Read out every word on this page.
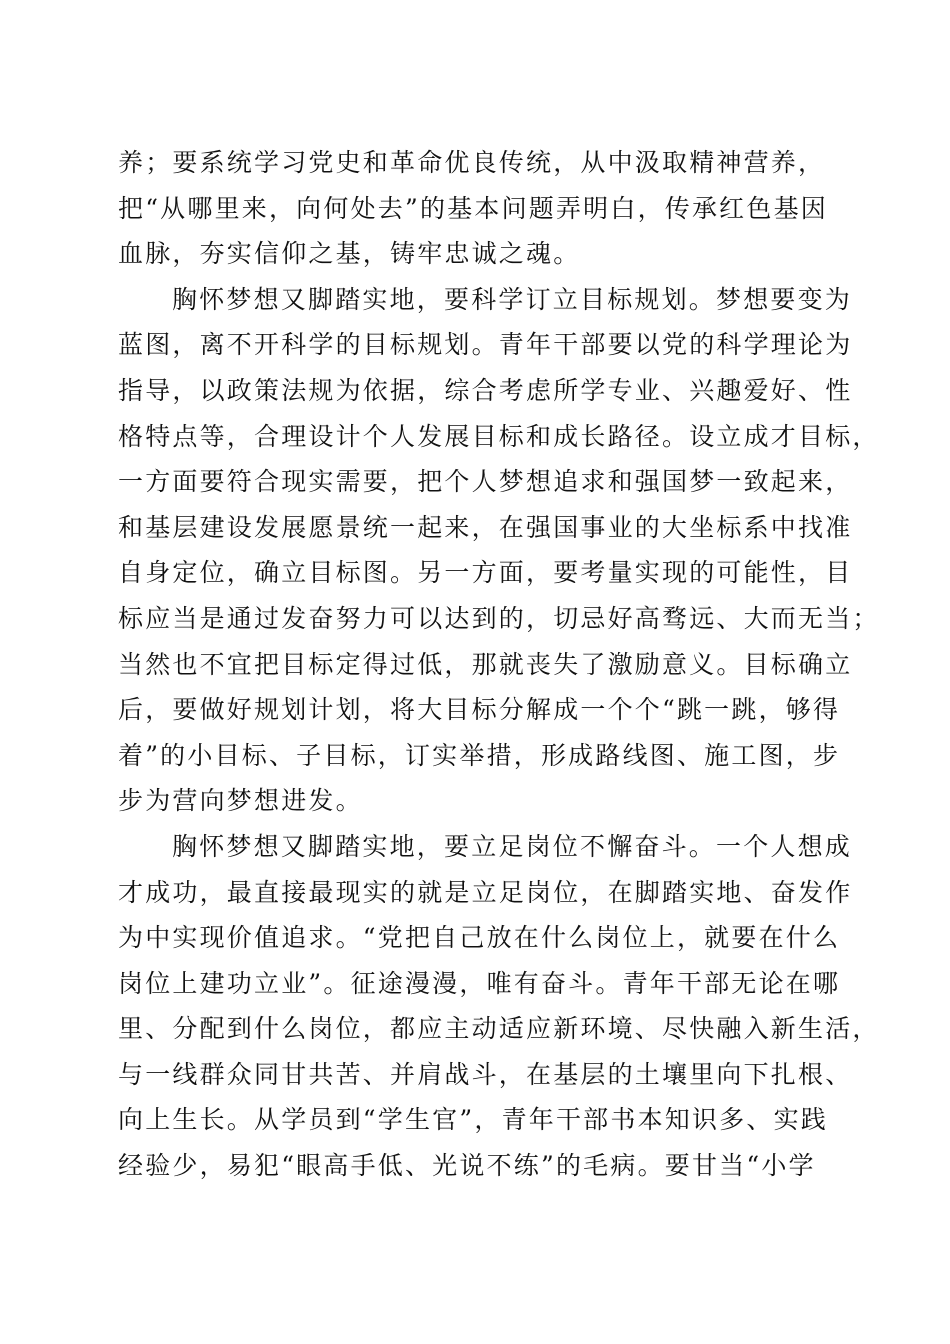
养；要系统学习党史和革命优良传统，从中汲取精神营养，
把“从哪里来，向何处去”的基本问题弄明白，传承红色基因
血脉，夯实信仰之基，铸牢忠诚之魂。
胸怀梦想又脚踏实地，要科学订立目标规划。梦想要变为
蓝图，离不开科学的目标规划。青年干部要以党的科学理论为
指导，以政策法规为依据，综合考虑所学专业、兴趣爱好、性
格特点等，合理设计个人发展目标和成长路径。设立成才目标，
一方面要符合现实需要，把个人梦想追求和强国梦一致起来，
和基层建设发展愿景统一起来，在强国事业的大坐标系中找准
自身定位，确立目标图。另一方面，要考量实现的可能性，目
标应当是通过发奋努力可以达到的，切忌好高骛远、大而无当；
当然也不宜把目标定得过低，那就丧失了激励意义。目标确立
后，要做好规划计划，将大目标分解成一个个“跳一跳，够得
着”的小目标、子目标，订实举措，形成路线图、施工图，步
步为营向梦想进发。
胸怀梦想又脚踏实地，要立足岗位不懈奋斗。一个人想成
才成功，最直接最现实的就是立足岗位，在脚踏实地、奋发作
为中实现价值追求。“党把自己放在什么岗位上，就要在什么
岗位上建功立业”。征途漫漫，唯有奋斗。青年干部无论在哪
里、分配到什么岗位，都应主动适应新环境、尽快融入新生活，
与一线群众同甘共苦、并肩战斗，在基层的土壤里向下扎根、
向上生长。从学员到“学生官”，青年干部书本知识多、实践
经验少，易犯“眼高手低、光说不练”的毛病。要甘当“小学
